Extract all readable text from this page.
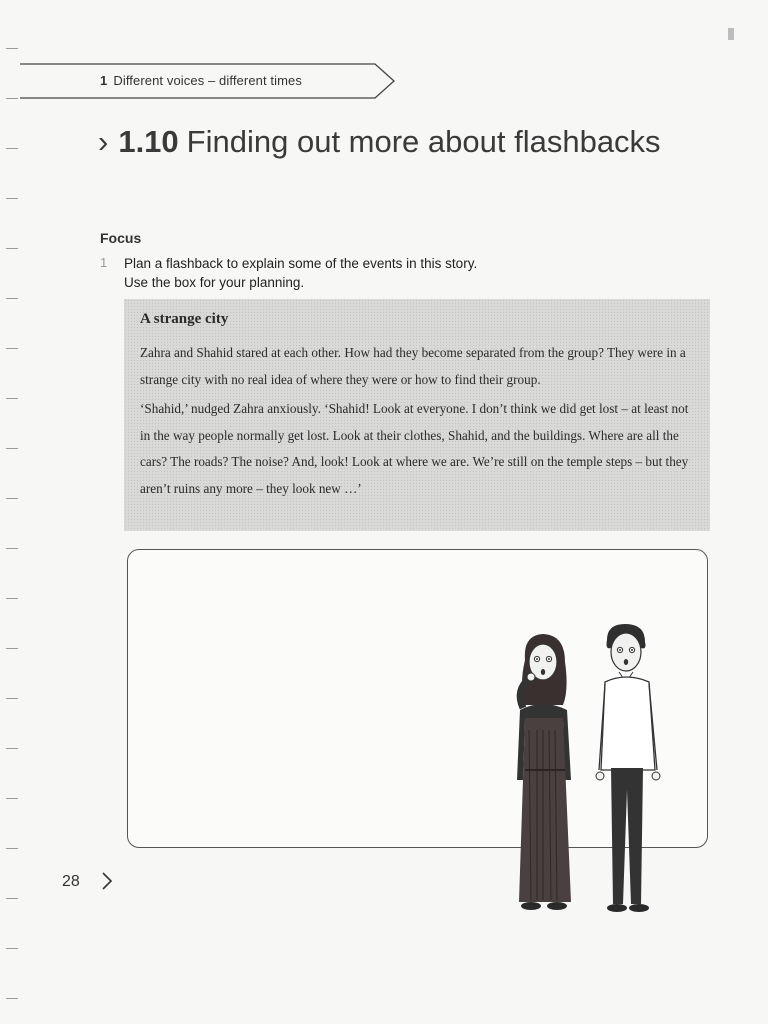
1 Different voices – different times
› 1.10 Finding out more about flashbacks
Focus
1 Plan a flashback to explain some of the events in this story.
Use the box for your planning.
A strange city

Zahra and Shahid stared at each other. How had they become separated from the group? They were in a strange city with no real idea of where they were or how to find their group.

‘Shahid,’ nudged Zahra anxiously. ‘Shahid! Look at everyone. I don’t think we did get lost – at least not in the way people normally get lost. Look at their clothes, Shahid, and the buildings. Where are all the cars? The roads? The noise? And, look! Look at where we are. We’re still on the temple steps – but they aren’t ruins any more – they look new …’

28
